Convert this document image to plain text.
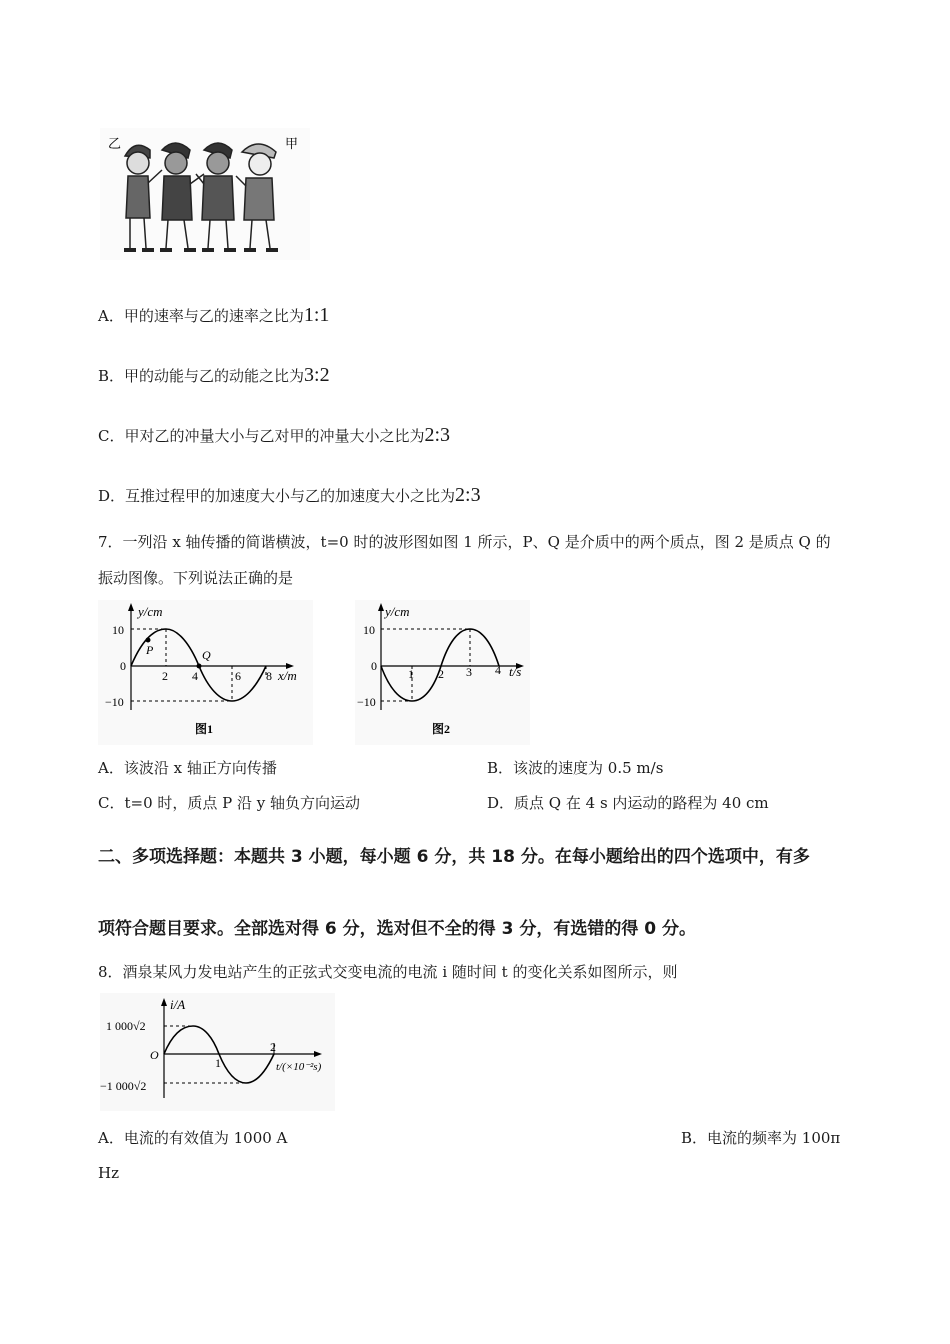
乙	甲
A．甲的速率与乙的速率之比为1:1
B．甲的动能与乙的动能之比为3:2
C．甲对乙的冲量大小与乙对甲的冲量大小之比为2:3
D．互推过程甲的加速度大小与乙的加速度大小之比为2:3
7．一列沿 x 轴传播的简谐横波，t=0 时的波形图如图 1 所示，P、Q 是介质中的两个质点，图 2 是质点 Q 的
振动图像。下列说法正确的是
y/cm
x/m
10
0
−10
2 4	6 8
P	Q
图1
y/cm
t/s
10
0
−10
1 2 3 4
图2
A．该波沿 x 轴正方向传播	B．该波的速度为 0.5 m/s
C．t=0 时，质点 P 沿 y 轴负方向运动	D．质点 Q 在 4 s 内运动的路程为 40 cm
二、多项选择题：本题共 3 小题，每小题 6 分，共 18 分。在每小题给出的四个选项中，有多
项符合题目要求。全部选对得 6 分，选对但不全的得 3 分，有选错的得 0 分。
8．酒泉某风力发电站产生的正弦式交变电流的电流 i 随时间 t 的变化关系如图所示，则
i/A
1 000√2
O
−1 000√2
1
2
t/(×10⁻²s)
A．电流的有效值为 1000 A	B．电流的频率为 100π
Hz
